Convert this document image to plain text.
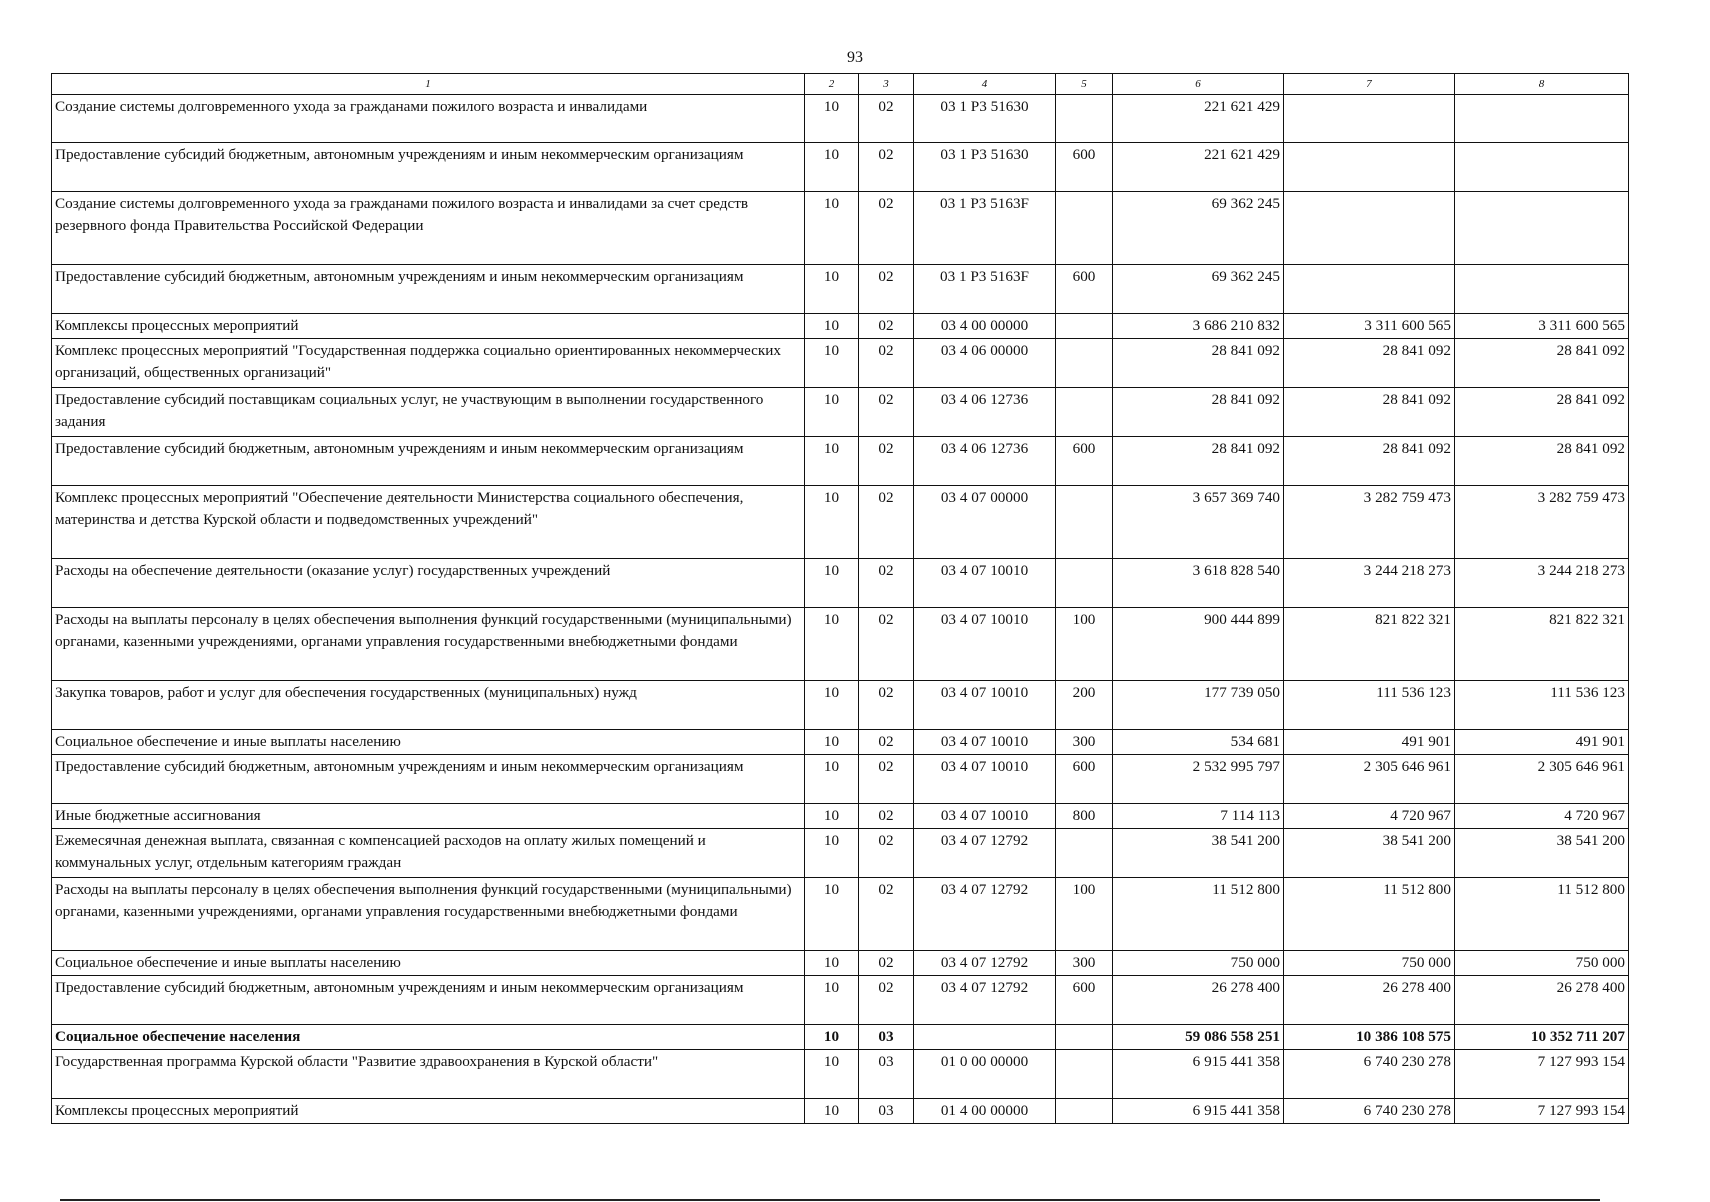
93
1	2	3	4	5	6	7	8
Создание системы долговременного ухода за гражданами пожилого возраста и инвалидами	10	02	03 1 P3 51630		221 621 429		
Предоставление субсидий бюджетным, автономным учреждениям и иным некоммерческим организациям	10	02	03 1 P3 51630	600	221 621 429		
Создание системы долговременного ухода за гражданами пожилого возраста и инвалидами за счет средств резервного фонда Правительства Российской Федерации	10	02	03 1 P3 5163F		69 362 245		
Предоставление субсидий бюджетным, автономным учреждениям и иным некоммерческим организациям	10	02	03 1 P3 5163F	600	69 362 245		
Комплексы процессных мероприятий	10	02	03 4 00 00000		3 686 210 832	3 311 600 565	3 311 600 565
Комплекс процессных мероприятий "Государственная поддержка социально ориентированных некоммерческих организаций, общественных организаций"	10	02	03 4 06 00000		28 841 092	28 841 092	28 841 092
Предоставление субсидий поставщикам социальных услуг, не участвующим в выполнении государственного задания	10	02	03 4 06 12736		28 841 092	28 841 092	28 841 092
Предоставление субсидий бюджетным, автономным учреждениям и иным некоммерческим организациям	10	02	03 4 06 12736	600	28 841 092	28 841 092	28 841 092
Комплекс процессных мероприятий "Обеспечение деятельности Министерства социального обеспечения, материнства и детства Курской области и подведомственных учреждений"	10	02	03 4 07 00000		3 657 369 740	3 282 759 473	3 282 759 473
Расходы на обеспечение деятельности (оказание услуг) государственных учреждений	10	02	03 4 07 10010		3 618 828 540	3 244 218 273	3 244 218 273
Расходы на выплаты персоналу в целях обеспечения выполнения функций государственными (муниципальными) органами, казенными учреждениями, органами управления государственными внебюджетными фондами	10	02	03 4 07 10010	100	900 444 899	821 822 321	821 822 321
Закупка товаров, работ и услуг для обеспечения государственных (муниципальных) нужд	10	02	03 4 07 10010	200	177 739 050	111 536 123	111 536 123
Социальное обеспечение и иные выплаты населению	10	02	03 4 07 10010	300	534 681	491 901	491 901
Предоставление субсидий бюджетным, автономным учреждениям и иным некоммерческим организациям	10	02	03 4 07 10010	600	2 532 995 797	2 305 646 961	2 305 646 961
Иные бюджетные ассигнования	10	02	03 4 07 10010	800	7 114 113	4 720 967	4 720 967
Ежемесячная денежная выплата, связанная с компенсацией расходов на оплату жилых помещений и коммунальных услуг, отдельным категориям граждан	10	02	03 4 07 12792		38 541 200	38 541 200	38 541 200
Расходы на выплаты персоналу в целях обеспечения выполнения функций государственными (муниципальными) органами, казенными учреждениями, органами управления государственными внебюджетными фондами	10	02	03 4 07 12792	100	11 512 800	11 512 800	11 512 800
Социальное обеспечение и иные выплаты населению	10	02	03 4 07 12792	300	750 000	750 000	750 000
Предоставление субсидий бюджетным, автономным учреждениям и иным некоммерческим организациям	10	02	03 4 07 12792	600	26 278 400	26 278 400	26 278 400
Социальное обеспечение населения	10	03			59 086 558 251	10 386 108 575	10 352 711 207
Государственная программа Курской области "Развитие здравоохранения в Курской области"	10	03	01 0 00 00000		6 915 441 358	6 740 230 278	7 127 993 154
Комплексы процессных мероприятий	10	03	01 4 00 00000		6 915 441 358	6 740 230 278	7 127 993 154
